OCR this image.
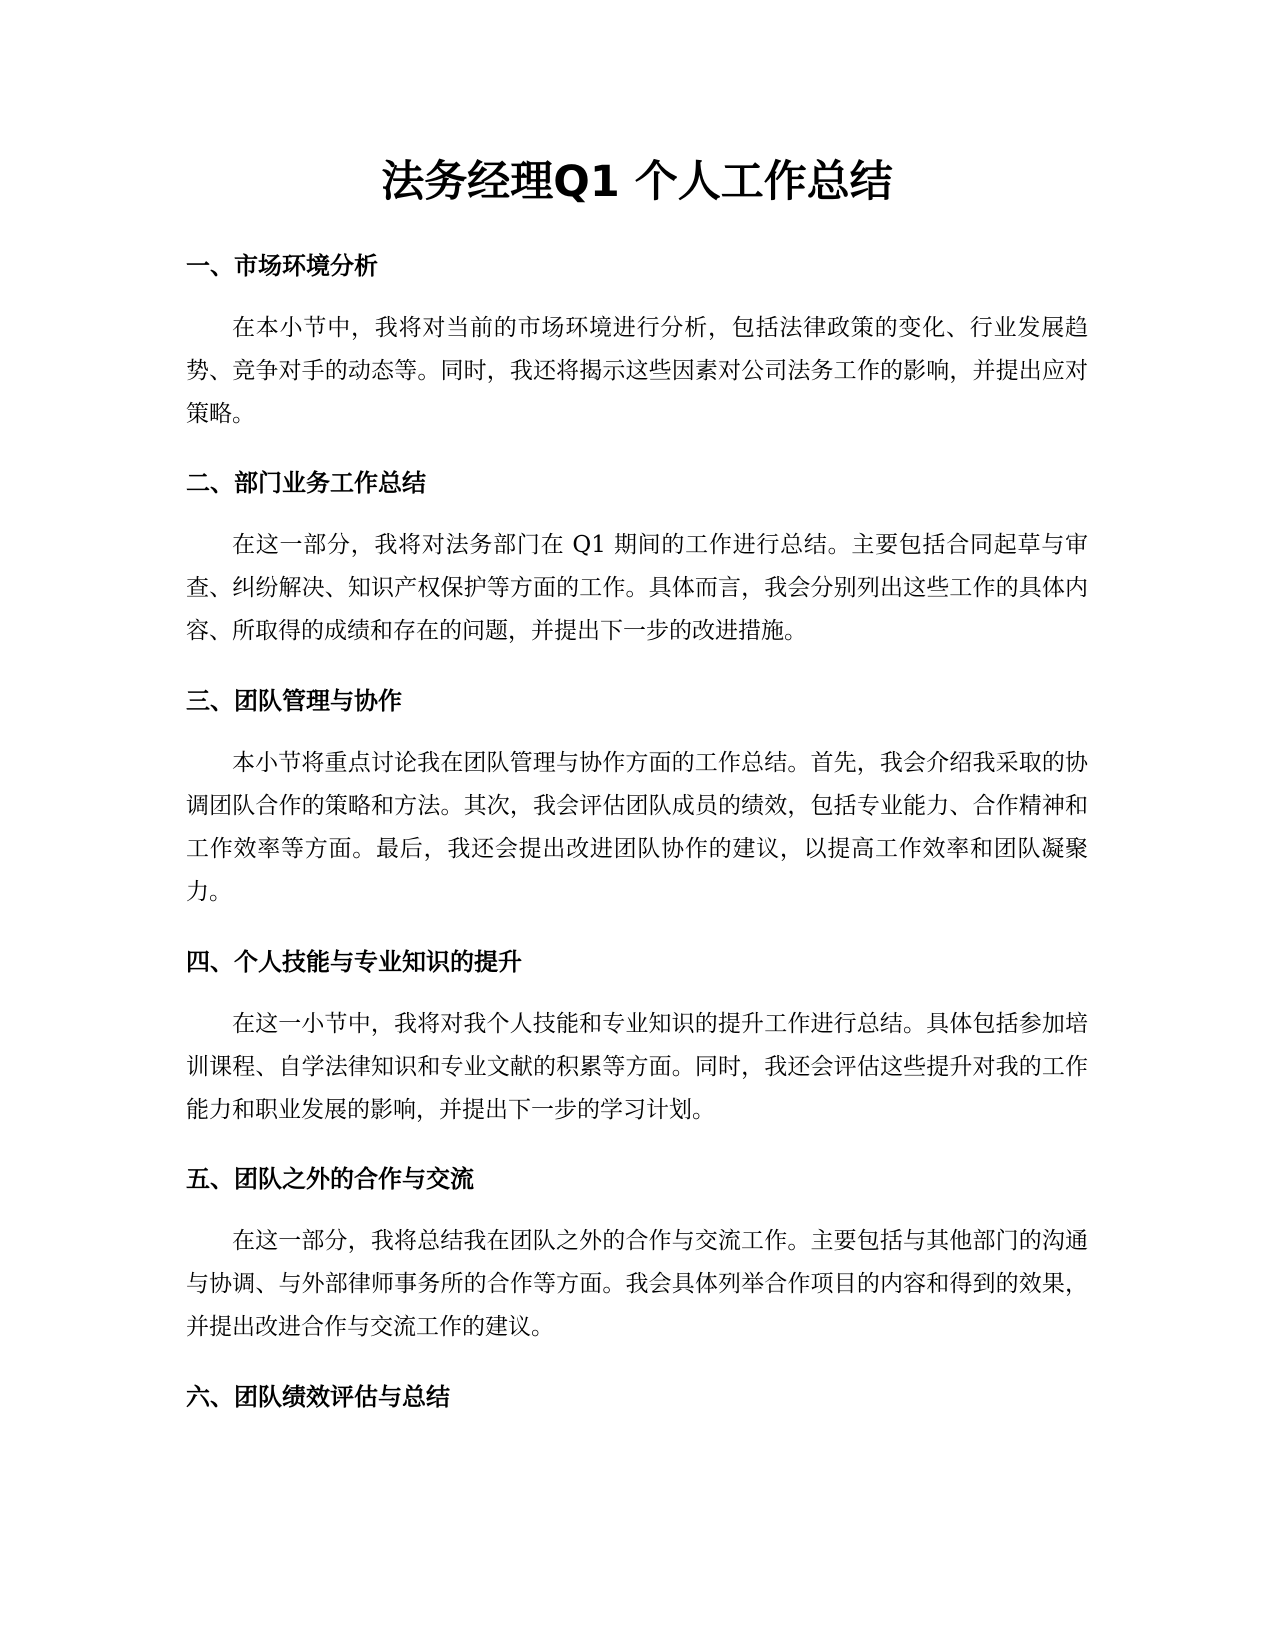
法务经理Q1 个人工作总结
一、市场环境分析

在本小节中，我将对当前的市场环境进行分析，包括法律政策的变化、行业发展趋势、竞争对手的动态等。同时，我还将揭示这些因素对公司法务工作的影响，并提出应对策略。

二、部门业务工作总结

在这一部分，我将对法务部门在 Q1 期间的工作进行总结。主要包括合同起草与审查、纠纷解决、知识产权保护等方面的工作。具体而言，我会分别列出这些工作的具体内容、所取得的成绩和存在的问题，并提出下一步的改进措施。

三、团队管理与协作

本小节将重点讨论我在团队管理与协作方面的工作总结。首先，我会介绍我采取的协调团队合作的策略和方法。其次，我会评估团队成员的绩效，包括专业能力、合作精神和工作效率等方面。最后，我还会提出改进团队协作的建议，以提高工作效率和团队凝聚力。

四、个人技能与专业知识的提升

在这一小节中，我将对我个人技能和专业知识的提升工作进行总结。具体包括参加培训课程、自学法律知识和专业文献的积累等方面。同时，我还会评估这些提升对我的工作能力和职业发展的影响，并提出下一步的学习计划。

五、团队之外的合作与交流

在这一部分，我将总结我在团队之外的合作与交流工作。主要包括与其他部门的沟通与协调、与外部律师事务所的合作等方面。我会具体列举合作项目的内容和得到的效果，并提出改进合作与交流工作的建议。

六、团队绩效评估与总结
